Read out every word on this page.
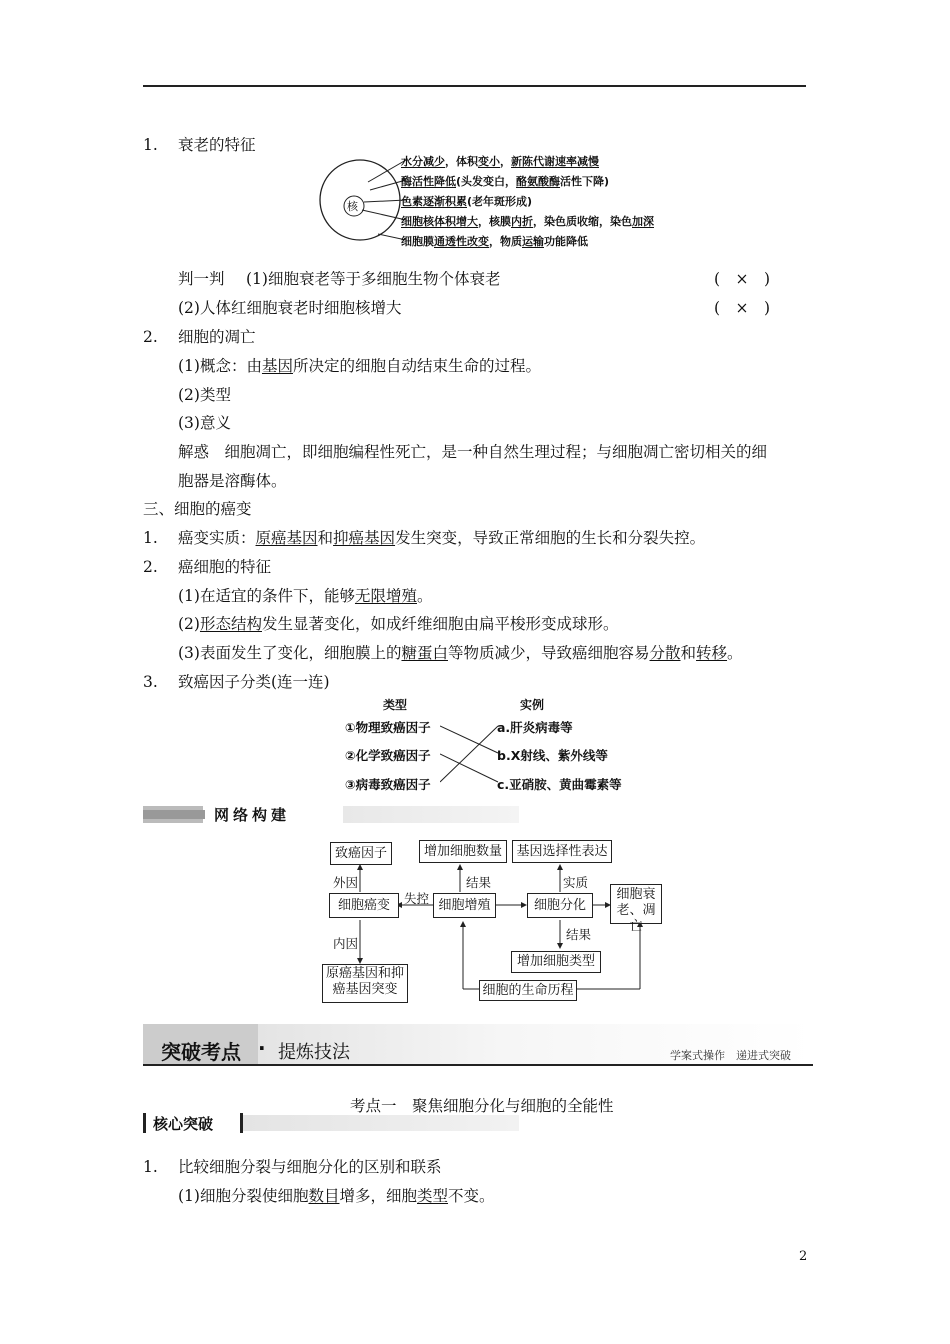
1. 衰老的特征
核
水分减少，体积变小，新陈代谢速率减慢
酶活性降低(头发变白，酪氨酸酶活性下降)
色素逐渐积累(老年斑形成)
细胞核体积增大，核膜内折，染色质收缩，染色加深
细胞膜通透性改变，物质运输功能降低
判一判 (1)细胞衰老等于多细胞生物个体衰老	(　×　)
(2)人体红细胞衰老时细胞核增大	(　×　)
2. 细胞的凋亡
(1)概念：由基因所决定的细胞自动结束生命的过程。
(2)类型
(3)意义
解惑　细胞凋亡，即细胞编程性死亡，是一种自然生理过程；与细胞凋亡密切相关的细
胞器是溶酶体。
三、细胞的癌变
1. 癌变实质：原癌基因和抑癌基因发生突变，导致正常细胞的生长和分裂失控。
2. 癌细胞的特征
(1)在适宜的条件下，能够无限增殖。
(2)形态结构发生显著变化，如成纤维细胞由扁平梭形变成球形。
(3)表面发生了变化，细胞膜上的糖蛋白等物质减少，导致癌细胞容易分散和转移。
3. 致癌因子分类(连一连)
类型	实例
①物理致癌因子
②化学致癌因子
③病毒致癌因子
a.肝炎病毒等
b.X射线、紫外线等
c.亚硝胺、黄曲霉素等
网络构建
致癌因子	增加细胞数量	基因选择性表达
细胞癌变	细胞增殖	细胞分化
细胞衰老、凋亡
增加细胞类型
原癌基因和抑癌基因突变	细胞的生命历程
外因
内因
失控
结果	实质
结果
突破考点 · 提炼技法	学案式操作　递进式突破
考点一　聚焦细胞分化与细胞的全能性
核心突破
1. 比较细胞分裂与细胞分化的区别和联系
(1)细胞分裂使细胞数目增多，细胞类型不变。
2
